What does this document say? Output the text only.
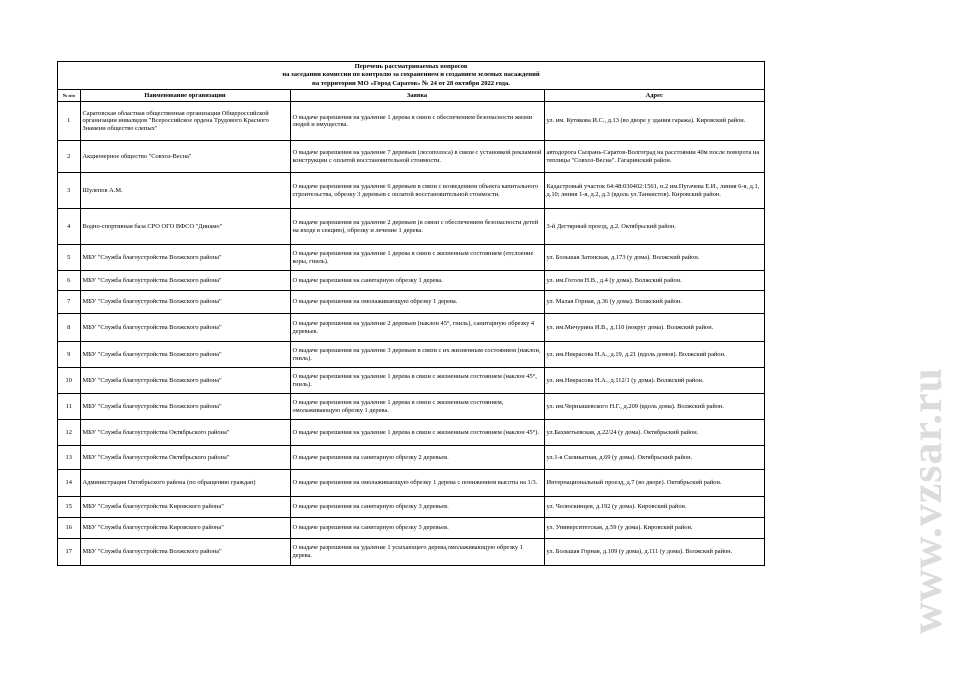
Перечень рассматриваемых вопросов
на заседании комиссии по контролю за сохранением и созданием зеленых насаждений
на территории МО «Город Саратов» № 24 от 28 октября 2022 года.
№ п/п	Наименование организации	Заявка	Адрес
1	Саратовская областная общественная организация Общероссийской организации инвалидов "Всероссийское ордена Трудового Красного Знамени общество слепых"	О выдаче разрешения на удаление 1 дерева в связи с обеспечением безопасности жизни людей и имущества.	ул. им. Кутякова И.С., д.13 (во дворе у здания гаража). Кировский район.
2	Акционерное общество "Совхоз-Весна"	О выдаче разрешения на удаление 7 деревьев (лесополоса) в связи с установкой рекламной конструкции с оплатой восстановительной стоимости.	автодорога Сызрань-Саратов-Волгоград на расстоянии 40м после поворота на теплицы "Совхоз-Весна". Гагаринский район.
3	Шулепов А.М.	О выдаче разрешения на удаление 6 деревьев в связи с возведением объекта капитального строительства, обрезку 3 деревьев с оплатой восстановительной стоимости.	Кадастровый участок 64:48:030402:1561, п.2 им.Пугачева Е.И., линия 6-я, д.1, д.10; линия 1-я, д.2, д.3 (вдоль ул.Танкистов). Кировский район.
4	Водно-спортивная база СРО ОГО ВФСО "Динамо"	О выдаче разрешения на удаление 2 деревьев (в связи с обеспечением безопасности детей на входе в секцию), обрезку и лечение 1 дерева.	3-й Дегтярный проезд, д.2. Октябрьский район.
5	МБУ "Служба благоустройства Волжского района"	О выдаче разрешения на удаление 1 дерева в связи с жизненным состоянием (отслоение коры, гниль).	ул. Большая Затонская, д.173 (у дома). Волжский район.
6	МБУ "Служба благоустройства Волжского района"	О выдаче разрешения на санитарную обрезку 1 дерева.	ул. им.Гоголя Н.В., д.4 (у дома). Волжский район.
7	МБУ "Служба благоустройства Волжского района"	О выдаче разрешения на омолаживающую обрезку 1 дерева.	ул. Малая Горная, д.36 (у дома). Волжский район.
8	МБУ "Служба благоустройства Волжского района"	О выдаче разрешения на удаление 2 деревьев (наклон 45°, гниль), санитарную обрезку 4 деревьев.	ул. им.Мичурина И.В., д.110 (вокруг дома). Волжский район.
9	МБУ "Служба благоустройства Волжского района"	О выдаче разрешения на удаление 3 деревьев в связи с их жизненным состоянием (наклон, гниль).	ул. им.Некрасова Н.А., д.19, д.21 (вдоль домов). Волжский район.
10	МБУ "Служба благоустройства Волжского района"	О выдаче разрешения на удаление 1 дерева в связи с жизненным состоянием (наклон 45°, гниль).	ул. им.Некрасова Н.А., д.112/1 (у дома). Волжский район.
11	МБУ "Служба благоустройства Волжского района"	О выдаче разрешения на удаление 1 дерева в связи с жизненным состоянием, омолаживающую обрезку 1 дерева.	ул. им.Чернышевского Н.Г., д.209 (вдоль дома). Волжский район.
12	МБУ "Служба благоустройства Октябрьского района"	О выдаче разрешения на удаление 1 дерева в связи с жизненным состоянием (наклон 45°).	ул.Бахметьевская, д.22/24 (у дома). Октябрьский район.
13	МБУ "Служба благоустройства Октябрьского района"	О выдаче разрешения на санитарную обрезку 2 деревьев.	ул.1-я Силикатная, д.69 (у дома). Октябрьский район.
14	Администрация Октябрьского района (по обращению граждан)	О выдаче разрешения на омолаживающую обрезку 1 дерева с понижением высоты на 1/3.	Интернациональный проезд, д.7 (во дворе). Октябрьский район.
15	МБУ "Служба благоустройства Кировского района"	О выдаче разрешения на санитарную обрезку 3 деревьев.	ул. Челюскинцев, д.192 (у дома). Кировский район.
16	МБУ "Служба благоустройства Кировского района"	О выдаче разрешения на санитарную обрезку 3 деревьев.	ул. Университетская, д.59 (у дома). Кировский район.
17	МБУ "Служба благоустройства Волжского района"	О выдаче разрешения на удаление 1 усыхающего дерева,омолаживающую обрезку 1 дерева.	ул. Большая Горная, д.109 (у дома), д.111 (у дома). Волжский район.	www.vzsar.ru
